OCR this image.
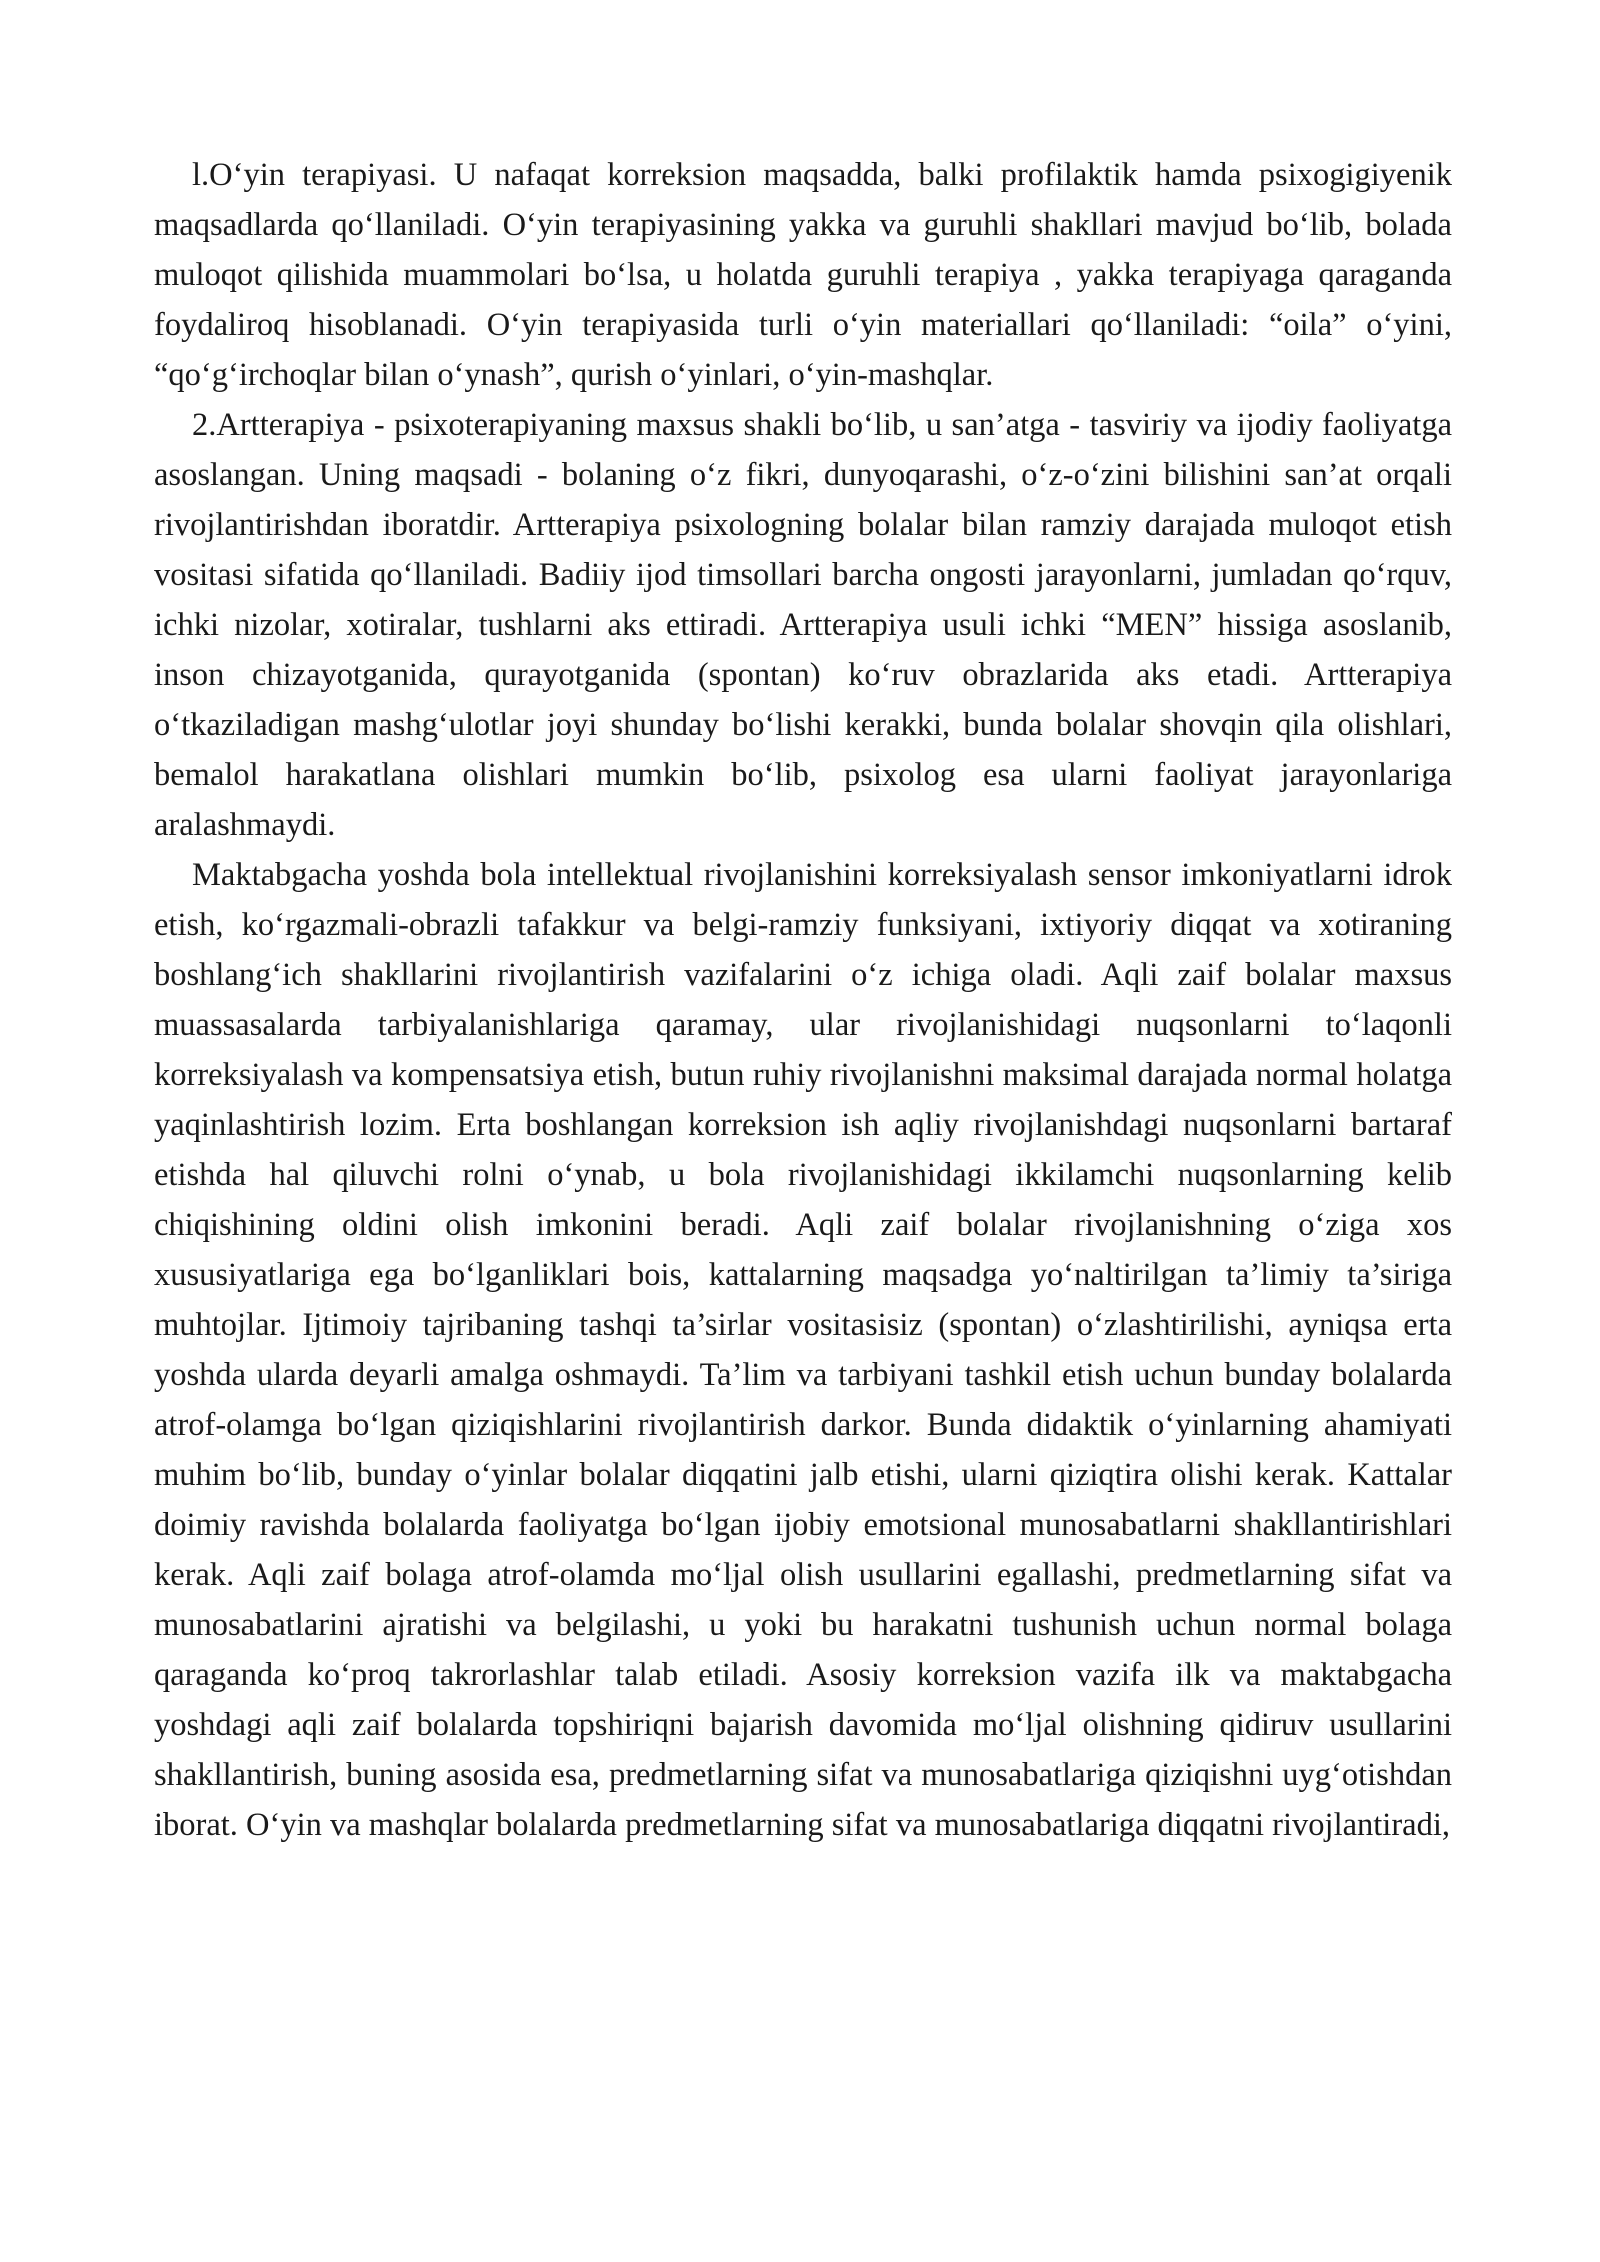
l.O‘yin terapiyasi. U nafaqat korreksion maqsadda, balki profilaktik hamda psixogigiyenik maqsadlarda qo‘llaniladi. O‘yin terapiyasining yakka va guruhli shakllari mavjud bo‘lib, bolada muloqot qilishida muammolari bo‘lsa, u holatda guruhli terapiya , yakka terapiyaga qaraganda foydaliroq hisoblanadi. O‘yin terapiyasida turli o‘yin materiallari qo‘llaniladi: “oila” o‘yini, “qo‘g‘irchoqlar bilan o‘ynash”, qurish o‘yinlari, o‘yin-mashqlar.

2.Artterapiya - psixoterapiyaning maxsus shakli bo‘lib, u san’atga - tasviriy va ijodiy faoliyatga asoslangan. Uning maqsadi - bolaning o‘z fikri, dunyoqarashi, o‘z-o‘zini bilishini san’at orqali rivojlantirishdan iboratdir. Artterapiya psixologning bolalar bilan ramziy darajada muloqot etish vositasi sifatida qo‘llaniladi. Badiiy ijod timsollari barcha ongosti jarayonlarni, jumladan qo‘rquv, ichki nizolar, xotiralar, tushlarni aks ettiradi. Artterapiya usuli ichki “MEN” hissiga asoslanib, inson chizayotganida, qurayotganida (spontan) ko‘ruv obrazlarida aks etadi. Artterapiya o‘tkaziladigan mashg‘ulotlar joyi shunday bo‘lishi kerakki, bunda bolalar shovqin qila olishlari, bemalol harakatlana olishlari mumkin bo‘lib, psixolog esa ularni faoliyat jarayonlariga aralashmaydi.

Maktabgacha yoshda bola intellektual rivojlanishini korreksiyalash sensor imkoniyatlarni idrok etish, ko‘rgazmali-obrazli tafakkur va belgi-ramziy funksiyani, ixtiyoriy diqqat va xotiraning boshlang‘ich shakllarini rivojlantirish vazifalarini o‘z ichiga oladi. Aqli zaif bolalar maxsus muassasalarda tarbiyalanishlariga qaramay, ular rivojlanishidagi nuqsonlarni to‘laqonli korreksiyalash va kompensatsiya etish, butun ruhiy rivojlanishni maksimal darajada normal holatga yaqinlashtirish lozim. Erta boshlangan korreksion ish aqliy rivojlanishdagi nuqsonlarni bartaraf etishda hal qiluvchi rolni o‘ynab, u bola rivojlanishidagi ikkilamchi nuqsonlarning kelib chiqishining oldini olish imkonini beradi. Aqli zaif bolalar rivojlanishning o‘ziga xos xususiyatlariga ega bo‘lganliklari bois, kattalarning maqsadga yo‘naltirilgan ta’limiy ta’siriga muhtojlar. Ijtimoiy tajribaning tashqi ta’sirlar vositasisiz (spontan) o‘zlashtirilishi, ayniqsa erta yoshda ularda deyarli amalga oshmaydi. Ta’lim va tarbiyani tashkil etish uchun bunday bolalarda atrof-olamga bo‘lgan qiziqishlarini rivojlantirish darkor. Bunda didaktik o‘yinlarning ahamiyati muhim bo‘lib, bunday o‘yinlar bolalar diqqatini jalb etishi, ularni qiziqtira olishi kerak. Kattalar doimiy ravishda bolalarda faoliyatga bo‘lgan ijobiy emotsional munosabatlarni shakllantirishlari kerak. Aqli zaif bolaga atrof-olamda mo‘ljal olish usullarini egallashi, predmetlarning sifat va munosabatlarini ajratishi va belgilashi, u yoki bu harakatni tushunish uchun normal bolaga qaraganda ko‘proq takrorlashlar talab etiladi. Asosiy korreksion vazifa ilk va maktabgacha yoshdagi aqli zaif bolalarda topshiriqni bajarish davomida mo‘ljal olishning qidiruv usullarini shakllantirish, buning asosida esa, predmetlarning sifat va munosabatlariga qiziqishni uyg‘otishdan iborat. O‘yin va mashqlar bolalarda predmetlarning sifat va munosabatlariga diqqatni rivojlantiradi,
